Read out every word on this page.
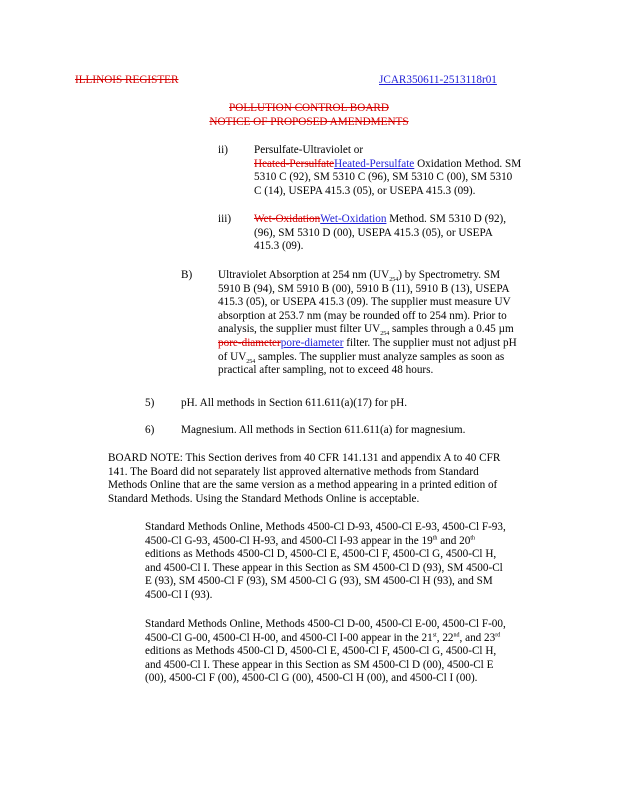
ILLINOIS REGISTER	JCAR350611-2513118r01
POLLUTION CONTROL BOARD
NOTICE OF PROPOSED AMENDMENTS
ii) Persulfate-Ultraviolet or
Heated-PersulfateHeated-Persulfate Oxidation Method. SM
5310 C (92), SM 5310 C (96), SM 5310 C (00), SM 5310
C (14), USEPA 415.3 (05), or USEPA 415.3 (09).
iii) Wet-OxidationWet-Oxidation Method. SM 5310 D (92),
(96), SM 5310 D (00), USEPA 415.3 (05), or USEPA
415.3 (09).
B) Ultraviolet Absorption at 254 nm $(UV_{254})$ by Spectrometry. SM
5910 B (94), SM 5910 B (00), 5910 B (11), 5910 B (13), USEPA
415.3 (05), or USEPA 415.3 (09). The supplier must measure UV
absorption at 253.7 nm (may be rounded off to 254 nm). Prior to
analysis, the supplier must filter $UV_{254}$ samples through a 0.45 µm
pore-diameterpore-diameter filter. The supplier must not adjust pH
of $UV_{254}$ samples. The supplier must analyze samples as soon as
practical after sampling, not to exceed 48 hours.
5) pH. All methods in Section 611.611(a)(17) for pH.
6) Magnesium. All methods in Section 611.611(a) for magnesium.
BOARD NOTE: This Section derives from 40 CFR 141.131 and appendix A to 40 CFR
141. The Board did not separately list approved alternative methods from Standard
Methods Online that are the same version as a method appearing in a printed edition of
Standard Methods. Using the Standard Methods Online is acceptable.
Standard Methods Online, Methods 4500-Cl D-93, 4500-Cl E-93, 4500-Cl F-93,
4500-Cl G-93, 4500-Cl H-93, and 4500-Cl I-93 appear in the 19th and 20th
editions as Methods 4500-Cl D, 4500-Cl E, 4500-Cl F, 4500-Cl G, 4500-Cl H,
and 4500-Cl I. These appear in this Section as SM 4500-Cl D (93), SM 4500-Cl
E (93), SM 4500-Cl F (93), SM 4500-Cl G (93), SM 4500-Cl H (93), and SM
4500-Cl I (93).
Standard Methods Online, Methods 4500-Cl D-00, 4500-Cl E-00, 4500-Cl F-00,
4500-Cl G-00, 4500-Cl H-00, and 4500-Cl I-00 appear in the 21st, 22nd, and 23rd
editions as Methods 4500-Cl D, 4500-Cl E, 4500-Cl F, 4500-Cl G, 4500-Cl H,
and 4500-Cl I. These appear in this Section as SM 4500-Cl D (00), 4500-Cl E
(00), 4500-Cl F (00), 4500-Cl G (00), 4500-Cl H (00), and 4500-Cl I (00).
